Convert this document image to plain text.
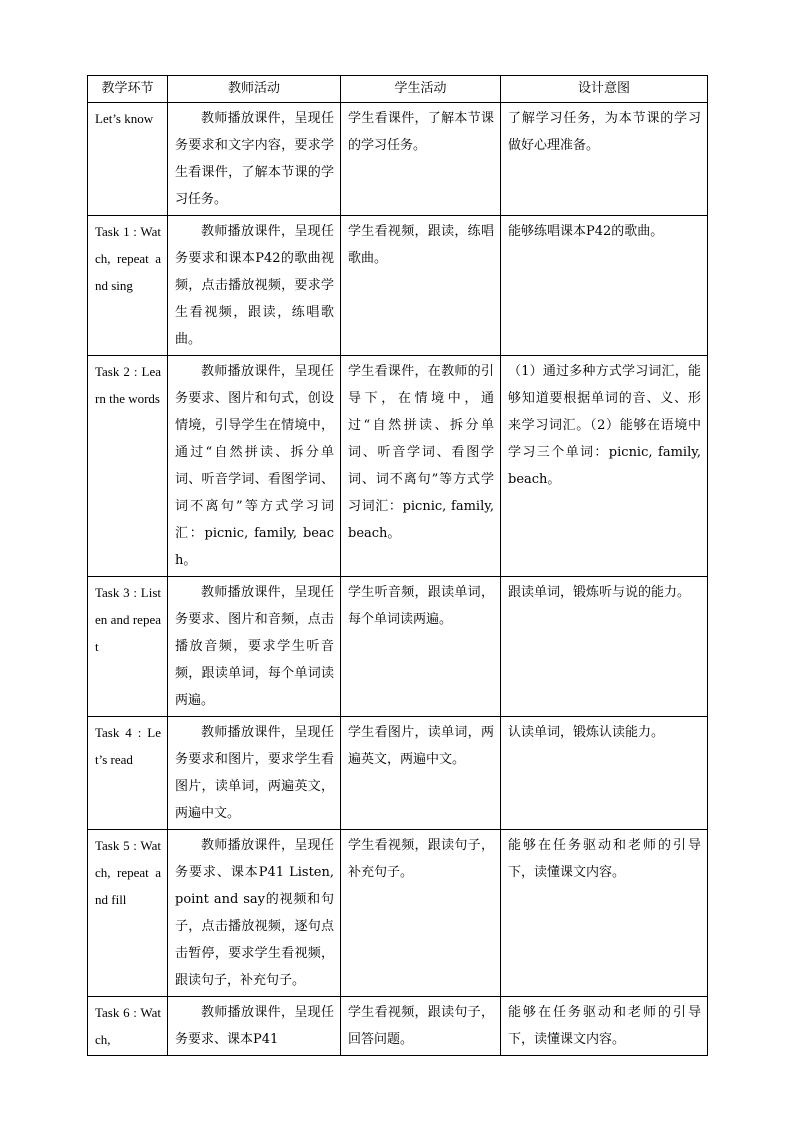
教学环节	教师活动	学生活动	设计意图
Let’s know	教师播放课件，呈现任务要求和文字内容，要求学生看课件，了解本节课的学习任务。	学生看课件，了解本节课的学习任务。	了解学习任务，为本节课的学习做好心理准备。
Task 1 : Watch, repeat and sing	教师播放课件，呈现任务要求和课本P42的歌曲视频，点击播放视频，要求学生看视频，跟读，练唱歌曲。	学生看视频，跟读，练唱歌曲。	能够练唱课本P42的歌曲。
Task 2 : Learn the words	教师播放课件，呈现任务要求、图片和句式，创设情境，引导学生在情境中，通过“自然拼读、拆分单词、听音学词、看图学词、词不离句”等方式学习词汇：picnic, family, beach。	学生看课件，在教师的引导下，在情境中，通过“自然拼读、拆分单词、听音学词、看图学词、词不离句”等方式学习词汇：picnic, family, beach。	（1）通过多种方式学习词汇，能够知道要根据单词的音、义、形来学习词汇。（2）能够在语境中学习三个单词：picnic, family, beach。
Task 3 : Listen and repeat	教师播放课件，呈现任务要求、图片和音频，点击播放音频，要求学生听音频，跟读单词，每个单词读两遍。	学生听音频，跟读单词，每个单词读两遍。	跟读单词，锻炼听与说的能力。
Task 4 : Let’s read	教师播放课件，呈现任务要求和图片，要求学生看图片，读单词，两遍英文，两遍中文。	学生看图片，读单词，两遍英文，两遍中文。	认读单词，锻炼认读能力。
Task 5 : Watch, repeat and fill	教师播放课件，呈现任务要求、课本P41 Listen, point and say的视频和句子，点击播放视频，逐句点击暂停，要求学生看视频，跟读句子，补充句子。	学生看视频，跟读句子，补充句子。	能够在任务驱动和老师的引导下，读懂课文内容。
Task 6 : Watch,	教师播放课件，呈现任务要求、课本P41	学生看视频，跟读句子，回答问题。	能够在任务驱动和老师的引导下，读懂课文内容。
